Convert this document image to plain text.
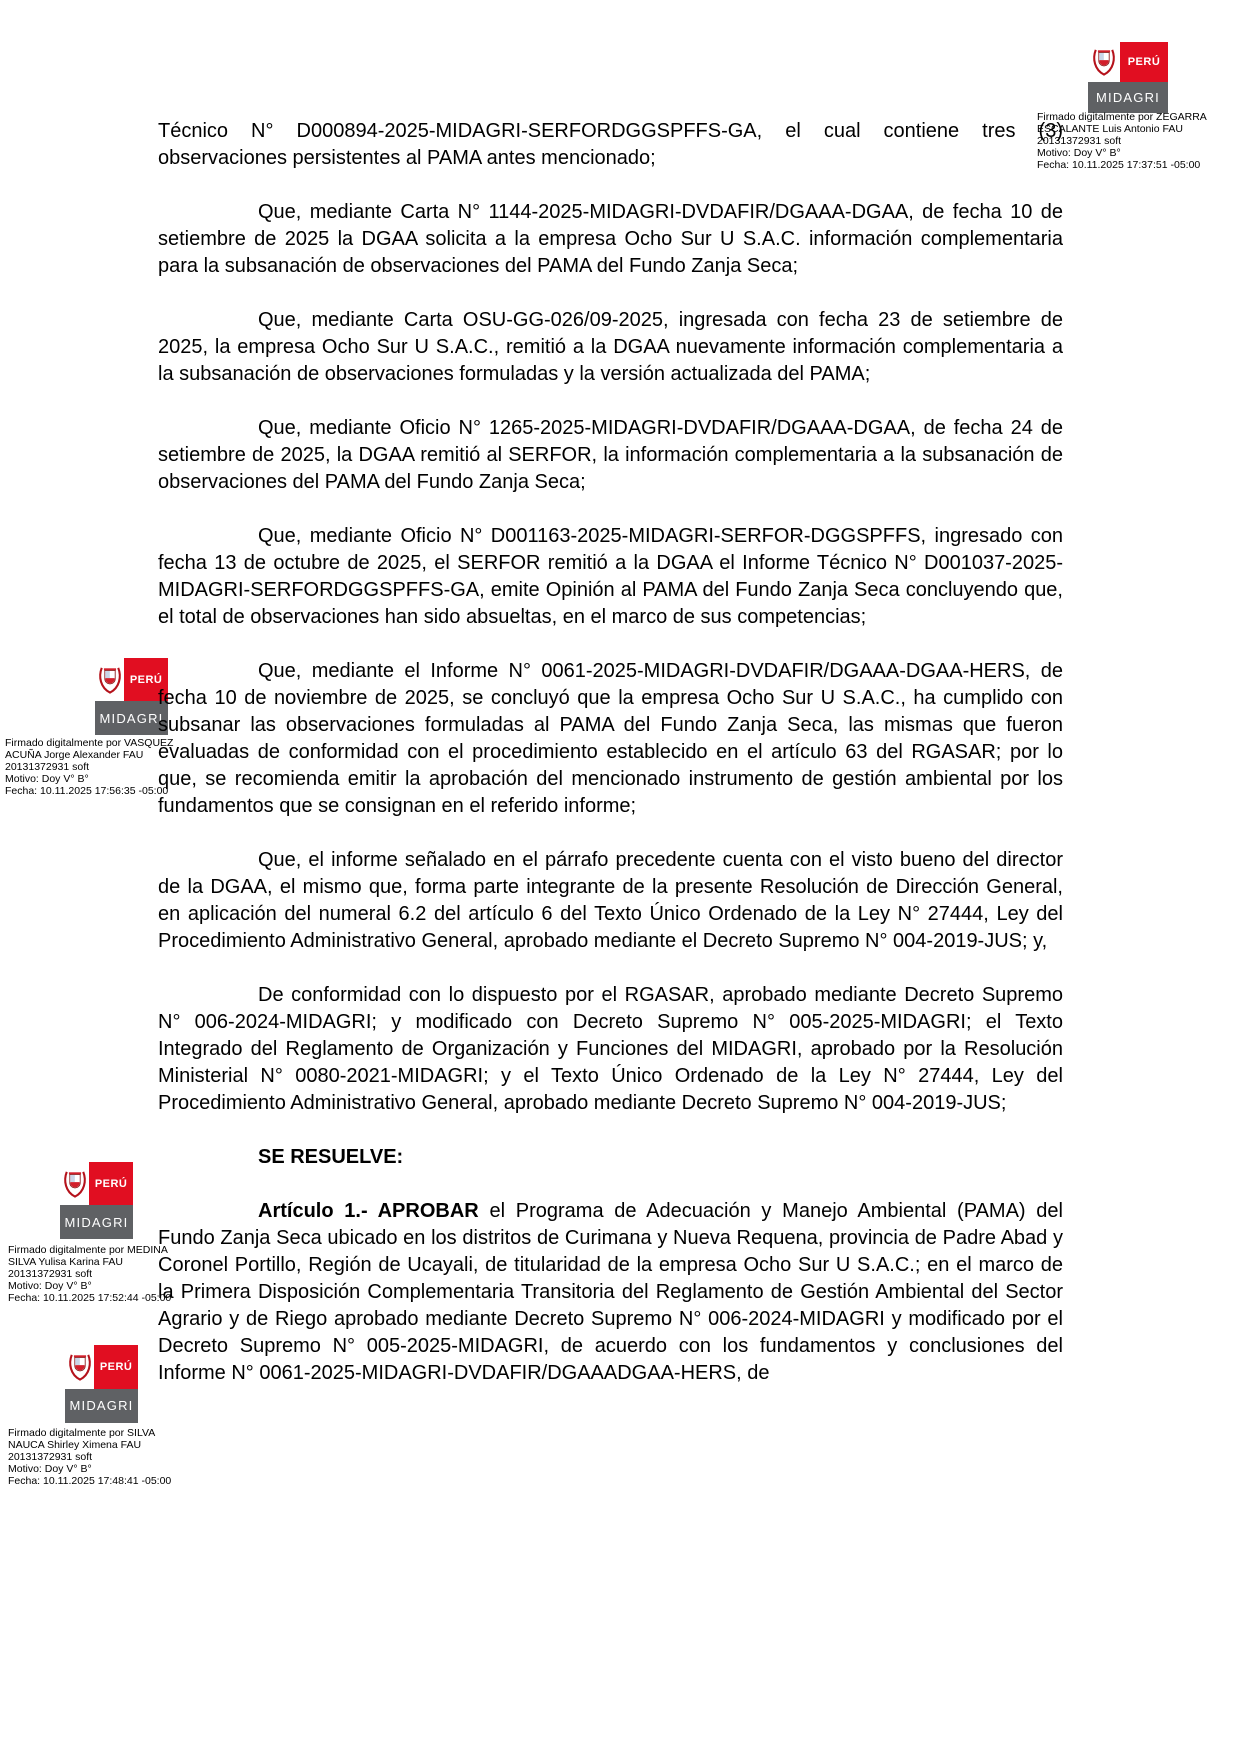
PERÚ
MIDAGRI
Firmado digitalmente por ZEGARRA
ESCALANTE Luis Antonio FAU
20131372931 soft
Motivo: Doy V° B°
Fecha: 10.11.2025 17:37:51 -05:00
PERÚ
MIDAGRI
Firmado digitalmente por VASQUEZ
ACUÑA Jorge Alexander FAU
20131372931 soft
Motivo: Doy V° B°
Fecha: 10.11.2025 17:56:35 -05:00
PERÚ
MIDAGRI
Firmado digitalmente por MEDINA
SILVA Yulisa Karina FAU
20131372931 soft
Motivo: Doy V° B°
Fecha: 10.11.2025 17:52:44 -05:00
PERÚ
MIDAGRI
Firmado digitalmente por SILVA
NAUCA Shirley Ximena FAU
20131372931 soft
Motivo: Doy V° B°
Fecha: 10.11.2025 17:48:41 -05:00

Técnico N° D000894-2025-MIDAGRI-SERFORDGGSPFFS-GA, el cual contiene tres (3) observaciones persistentes al PAMA antes mencionado;

Que, mediante Carta N° 1144-2025-MIDAGRI-DVDAFIR/DGAAA-DGAA, de fecha 10 de setiembre de 2025 la DGAA solicita a la empresa Ocho Sur U S.A.C. información complementaria para la subsanación de observaciones del PAMA del Fundo Zanja Seca;

Que, mediante Carta OSU-GG-026/09-2025, ingresada con fecha 23 de setiembre de 2025, la empresa Ocho Sur U S.A.C., remitió a la DGAA nuevamente información complementaria a la subsanación de observaciones formuladas y la versión actualizada del PAMA;

Que, mediante Oficio N° 1265-2025-MIDAGRI-DVDAFIR/DGAAA-DGAA, de fecha 24 de setiembre de 2025, la DGAA remitió al SERFOR, la información complementaria a la subsanación de observaciones del PAMA del Fundo Zanja Seca;

Que, mediante Oficio N° D001163-2025-MIDAGRI-SERFOR-DGGSPFFS, ingresado con fecha 13 de octubre de 2025, el SERFOR remitió a la DGAA el Informe Técnico N° D001037-2025-MIDAGRI-SERFORDGGSPFFS-GA, emite Opinión al PAMA del Fundo Zanja Seca concluyendo que, el total de observaciones han sido absueltas, en el marco de sus competencias;

Que, mediante el Informe N° 0061-2025-MIDAGRI-DVDAFIR/DGAAA-DGAA-HERS, de fecha 10 de noviembre de 2025, se concluyó que la empresa Ocho Sur U S.A.C., ha cumplido con subsanar las observaciones formuladas al PAMA del Fundo Zanja Seca, las mismas que fueron evaluadas de conformidad con el procedimiento establecido en el artículo 63 del RGASAR; por lo que, se recomienda emitir la aprobación del mencionado instrumento de gestión ambiental por los fundamentos que se consignan en el referido informe;

Que, el informe señalado en el párrafo precedente cuenta con el visto bueno del director de la DGAA, el mismo que, forma parte integrante de la presente Resolución de Dirección General, en aplicación del numeral 6.2 del artículo 6 del Texto Único Ordenado de la Ley N° 27444, Ley del Procedimiento Administrativo General, aprobado mediante el Decreto Supremo N° 004-2019-JUS; y,

De conformidad con lo dispuesto por el RGASAR, aprobado mediante Decreto Supremo N° 006-2024-MIDAGRI; y modificado con Decreto Supremo N° 005-2025-MIDAGRI; el Texto Integrado del Reglamento de Organización y Funciones del MIDAGRI, aprobado por la Resolución Ministerial N° 0080-2021-MIDAGRI; y el Texto Único Ordenado de la Ley N° 27444, Ley del Procedimiento Administrativo General, aprobado mediante Decreto Supremo N° 004-2019-JUS;

SE RESUELVE:

Artículo 1.- APROBAR el Programa de Adecuación y Manejo Ambiental (PAMA) del Fundo Zanja Seca ubicado en los distritos de Curimana y Nueva Requena, provincia de Padre Abad y Coronel Portillo, Región de Ucayali, de titularidad de la empresa Ocho Sur U S.A.C.; en el marco de la Primera Disposición Complementaria Transitoria del Reglamento de Gestión Ambiental del Sector Agrario y de Riego aprobado mediante Decreto Supremo N° 006-2024-MIDAGRI y modificado por el Decreto Supremo N° 005-2025-MIDAGRI, de acuerdo con los fundamentos y conclusiones del Informe N° 0061-2025-MIDAGRI-DVDAFIR/DGAAADGAA-HERS, de
